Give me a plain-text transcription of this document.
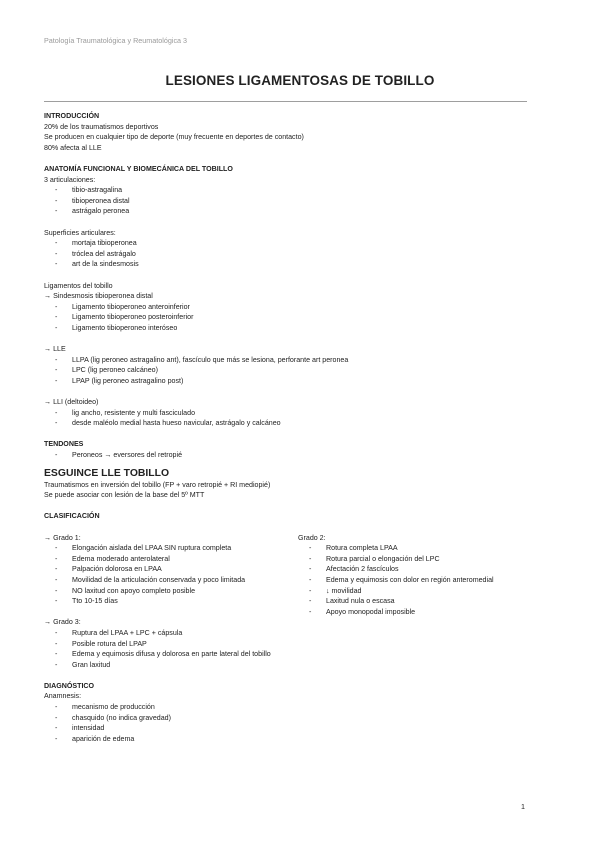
Patología Traumatológica y Reumatológica 3
LESIONES LIGAMENTOSAS DE TOBILLO

INTRODUCCIÓN

20% de los traumatismos deportivos

Se producen en cualquier tipo de deporte (muy frecuente en deportes de contacto)

80% afecta al LLE

ANATOMÍA FUNCIONAL Y BIOMECÁNICA DEL TOBILLO

3 articulaciones:

- tibio-astragalina
- tibioperonea distal
- astrágalo peronea

Superficies articulares:

- mortaja tibioperonea
- tróclea del astrágalo
- art de la sindesmosis

Ligamentos del tobillo

→ Sindesmosis tibioperonea distal

- Ligamento tibioperoneo anteroinferior
- Ligamento tibioperoneo posteroinferior
- Ligamento tibioperoneo interóseo

→ LLE

- LLPA (lig peroneo astragalino ant), fascículo que más se lesiona, perforante art peronea
- LPC (lig peroneo calcáneo)
- LPAP (lig peroneo astragalino post)

→ LLI (deltoideo)

- lig ancho, resistente y multi fasciculado
- desde maléolo medial hasta hueso navicular, astrágalo y calcáneo

TENDONES

- Peroneos → eversores del retropié

ESGUINCE LLE TOBILLO

Traumatismos en inversión del tobillo (FP + varo retropié + RI mediopié)

Se puede asociar con lesión de la base del 5º MTT

CLASIFICACIÓN

→ Grado 1:

- Elongación aislada del LPAA SIN ruptura completa
- Edema moderado anterolateral
- Palpación dolorosa en LPAA
- Movilidad de la articulación conservada y poco limitada
- NO laxitud con apoyo completo posible
- Tto 10-15 días

Grado 2:

- Rotura completa LPAA
- Rotura parcial o elongación del LPC
- Afectación 2 fascículos
- Edema y equimosis con dolor en región anteromedial
- ↓ movilidad
- Laxitud nula o escasa
- Apoyo monopodal imposible

→ Grado 3:

- Ruptura del LPAA + LPC + cápsula
- Posible rotura del LPAP
- Edema y equimosis difusa y dolorosa en parte lateral del tobillo
- Gran laxitud

DIAGNÓSTICO

Anamnesis:

- mecanismo de producción
- chasquido (no indica gravedad)
- intensidad
- aparición de edema
1
